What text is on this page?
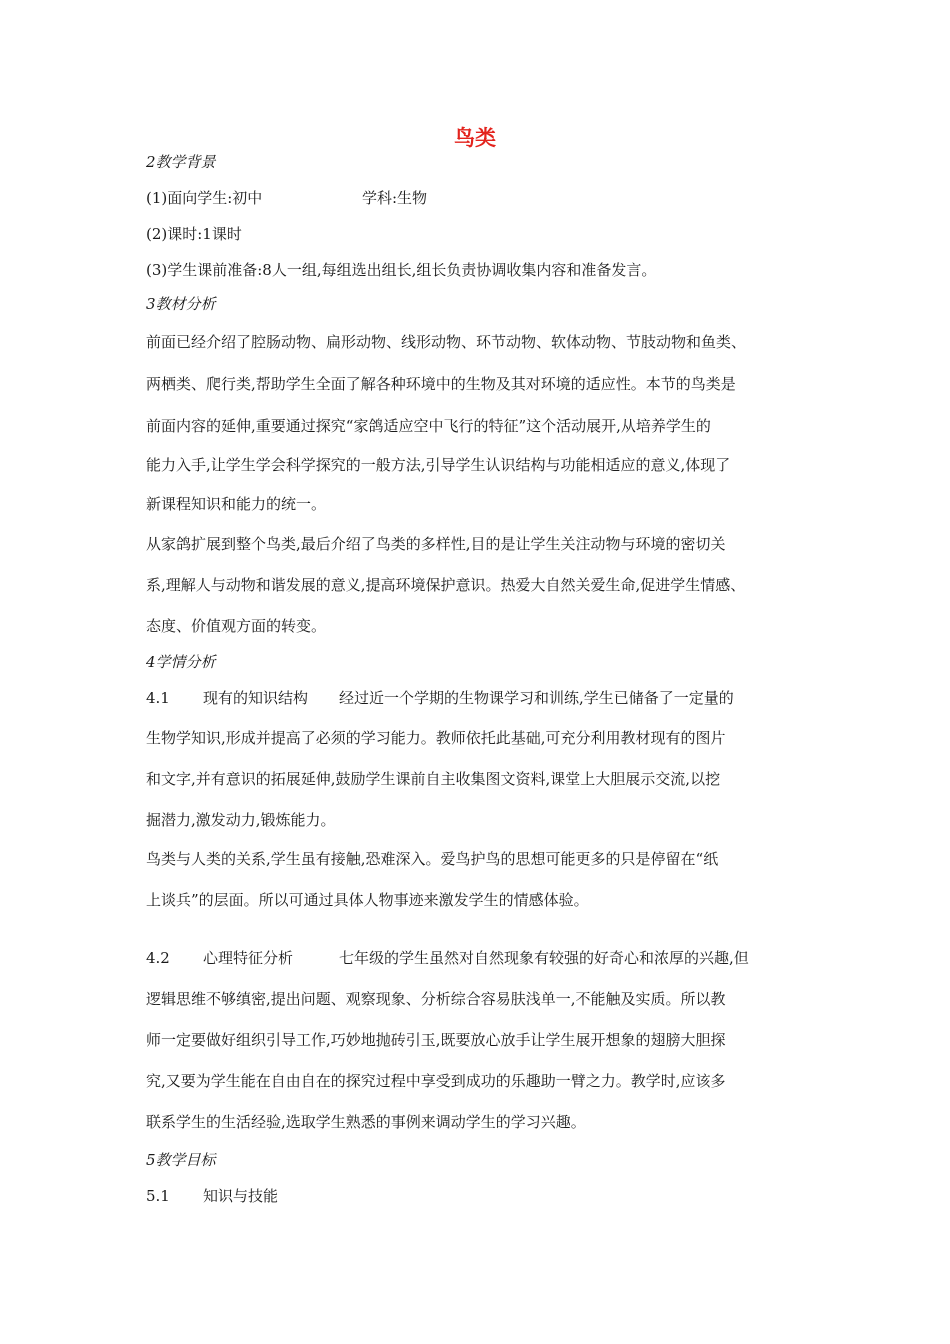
鸟类
2教学背景
(1)面向学生:初中	学科:生物
(2)课时:1课时
(3)学生课前准备:8人一组,每组选出组长,组长负责协调收集内容和准备发言。
3教材分析
前面已经介绍了腔肠动物、扁形动物、线形动物、环节动物、软体动物、节肢动物和鱼类、
两栖类、爬行类,帮助学生全面了解各种环境中的生物及其对环境的适应性。本节的鸟类是
前面内容的延伸,重要通过探究“家鸽适应空中飞行的特征”这个活动展开,从培养学生的
能力入手,让学生学会科学探究的一般方法,引导学生认识结构与功能相适应的意义,体现了
新课程知识和能力的统一。
从家鸽扩展到整个鸟类,最后介绍了鸟类的多样性,目的是让学生关注动物与环境的密切关
系,理解人与动物和谐发展的意义,提高环境保护意识。热爱大自然关爱生命,促进学生情感、
态度、价值观方面的转变。
4学情分析
4.1 现有的知识结构 经过近一个学期的生物课学习和训练,学生已储备了一定量的
生物学知识,形成并提高了必须的学习能力。教师依托此基础,可充分利用教材现有的图片
和文字,并有意识的拓展延伸,鼓励学生课前自主收集图文资料,课堂上大胆展示交流,以挖
掘潜力,激发动力,锻炼能力。
鸟类与人类的关系,学生虽有接触,恐难深入。爱鸟护鸟的思想可能更多的只是停留在“纸
上谈兵”的层面。所以可通过具体人物事迹来激发学生的情感体验。
4.2 心理特征分析	七年级的学生虽然对自然现象有较强的好奇心和浓厚的兴趣,但
逻辑思维不够缜密,提出问题、观察现象、分析综合容易肤浅单一,不能触及实质。所以教
师一定要做好组织引导工作,巧妙地抛砖引玉,既要放心放手让学生展开想象的翅膀大胆探
究,又要为学生能在自由自在的探究过程中享受到成功的乐趣助一臂之力。教学时,应该多
联系学生的生活经验,选取学生熟悉的事例来调动学生的学习兴趣。
5教学目标
5.1 知识与技能
